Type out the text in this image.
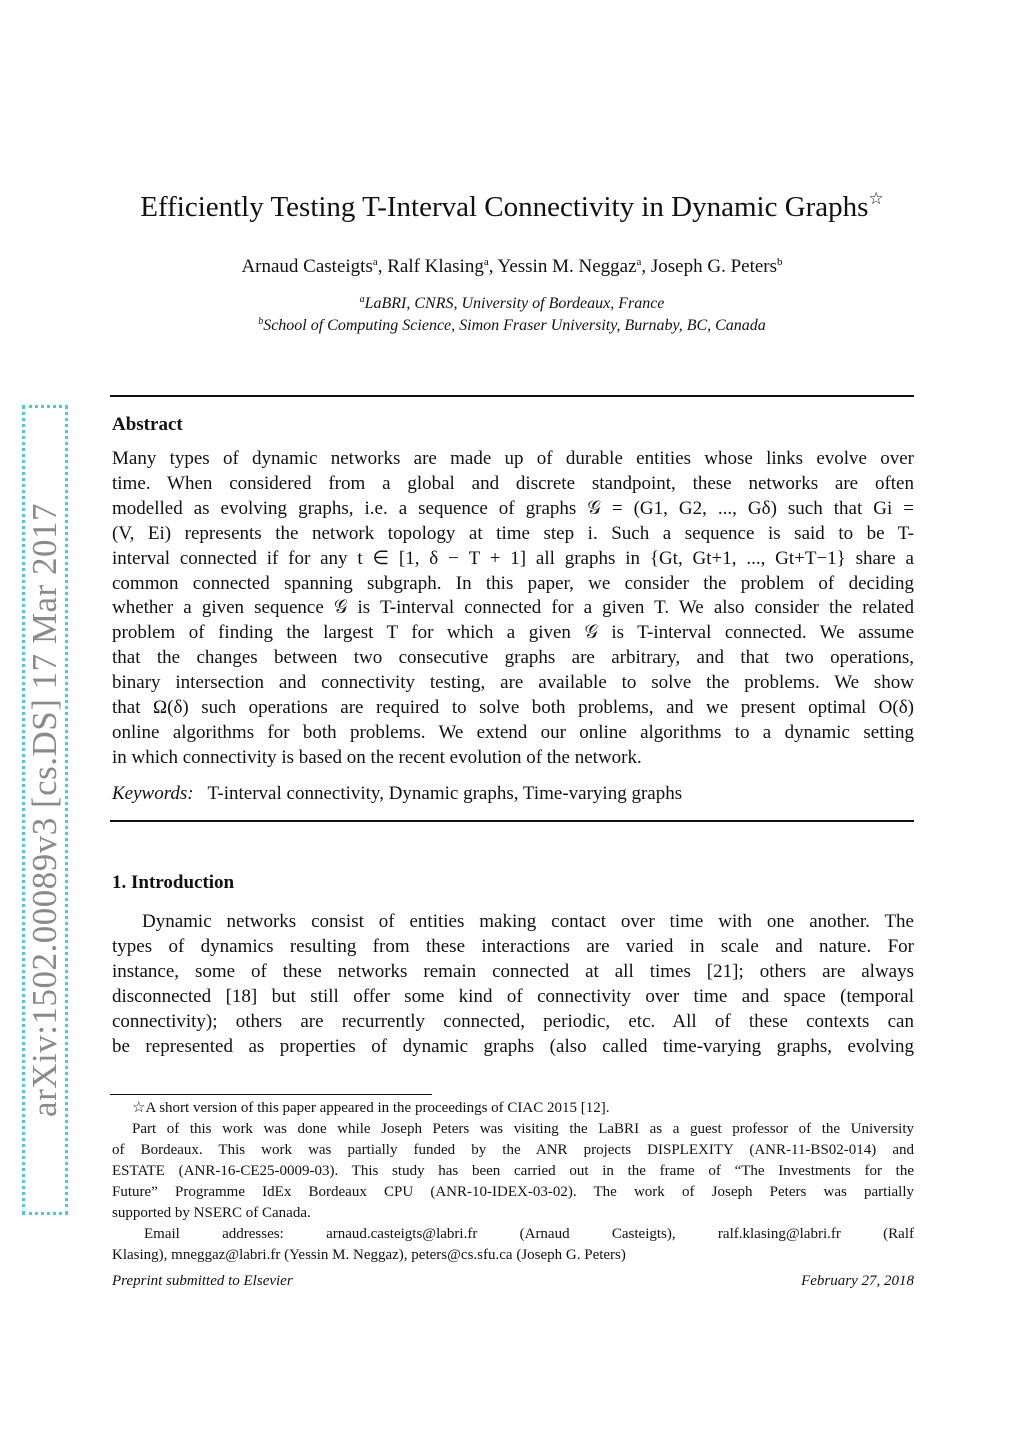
arXiv:1502.00089v3 [cs.DS] 17 Mar 2017
Efficiently Testing T-Interval Connectivity in Dynamic Graphs☆
Arnaud Casteigts$^a$, Ralf Klasing$^a$, Yessin M. Neggaz$^a$, Joseph G. Peters$^b$
$^a$LaBRI, CNRS, University of Bordeaux, France
$^b$School of Computing Science, Simon Fraser University, Burnaby, BC, Canada
Abstract
Many types of dynamic networks are made up of durable entities whose links evolve over
time. When considered from a global and discrete standpoint, these networks are often
modelled as evolving graphs, i.e. a sequence of graphs 𝒢 = (G1, G2, ..., Gδ) such that Gi =
(V, Ei) represents the network topology at time step i. Such a sequence is said to be T-
interval connected if for any t ∈ [1, δ − T + 1] all graphs in {Gt, Gt+1, ..., Gt+T−1} share a
common connected spanning subgraph. In this paper, we consider the problem of deciding
whether a given sequence 𝒢 is T-interval connected for a given T. We also consider the related
problem of finding the largest T for which a given 𝒢 is T-interval connected. We assume
that the changes between two consecutive graphs are arbitrary, and that two operations,
binary intersection and connectivity testing, are available to solve the problems. We show
that Ω(δ) such operations are required to solve both problems, and we present optimal O(δ)
online algorithms for both problems. We extend our online algorithms to a dynamic setting
in which connectivity is based on the recent evolution of the network.
Keywords: T-interval connectivity, Dynamic graphs, Time-varying graphs
1. Introduction
Dynamic networks consist of entities making contact over time with one another. The
types of dynamics resulting from these interactions are varied in scale and nature. For
instance, some of these networks remain connected at all times [21]; others are always
disconnected [18] but still offer some kind of connectivity over time and space (temporal
connectivity); others are recurrently connected, periodic, etc. All of these contexts can
be represented as properties of dynamic graphs (also called time-varying graphs, evolving
☆A short version of this paper appeared in the proceedings of CIAC 2015 [12].
Part of this work was done while Joseph Peters was visiting the LaBRI as a guest professor of the University
of Bordeaux. This work was partially funded by the ANR projects DISPLEXITY (ANR-11-BS02-014) and
ESTATE (ANR-16-CE25-0009-03). This study has been carried out in the frame of “The Investments for the
Future” Programme IdEx Bordeaux CPU (ANR-10-IDEX-03-02). The work of Joseph Peters was partially
supported by NSERC of Canada.
Email addresses: arnaud.casteigts@labri.fr (Arnaud Casteigts), ralf.klasing@labri.fr (Ralf
Klasing), mneggaz@labri.fr (Yessin M. Neggaz), peters@cs.sfu.ca (Joseph G. Peters)
Preprint submitted to Elsevier	February 27, 2018
